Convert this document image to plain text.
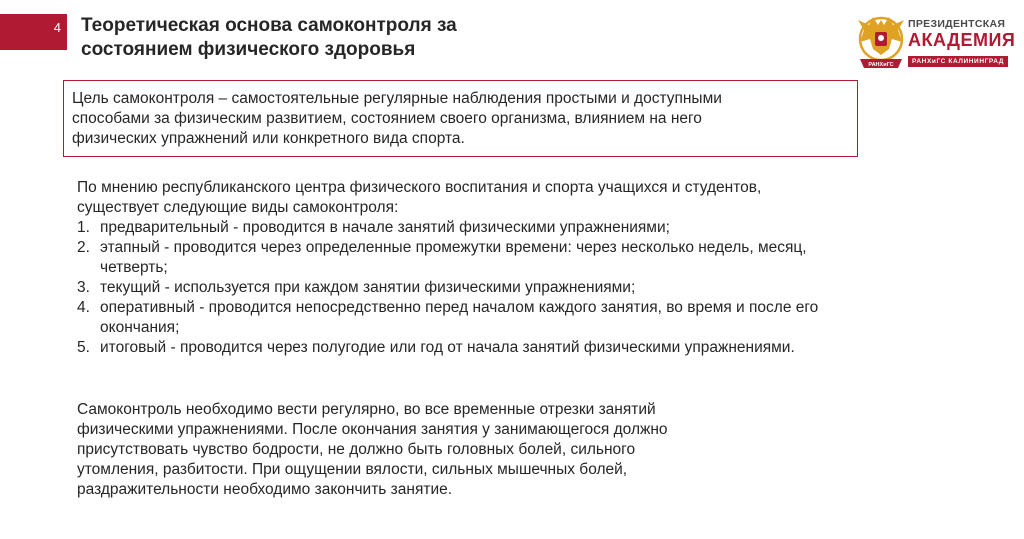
4 Теоретическая основа самоконтроля за
состоянием физического здоровья
РАНХиГС
ПРЕЗИДЕНТСКАЯ
АКАДЕМИЯ
РАНХиГС КАЛИНИНГРАД
Цель самоконтроля – самостоятельные регулярные наблюдения простыми и доступными
способами за физическим развитием, состоянием своего организма, влиянием на него
физических упражнений или конкретного вида спорта.
По мнению республиканского центра физического воспитания и спорта учащихся и студентов,
существует следующие виды самоконтроля:
1. предварительный - проводится в начале занятий физическими упражнениями;
2. этапный - проводится через определенные промежутки времени: через несколько недель, месяц,
четверть;
3. текущий - используется при каждом занятии физическими упражнениями;
4. оперативный - проводится непосредственно перед началом каждого занятия, во время и после его
окончания;
5. итоговый - проводится через полугодие или год от начала занятий физическими упражнениями.
Самоконтроль необходимо вести регулярно, во все временные отрезки занятий
физическими упражнениями. После окончания занятия у занимающегося должно
присутствовать чувство бодрости, не должно быть головных болей, сильного
утомления, разбитости. При ощущении вялости, сильных мышечных болей,
раздражительности необходимо закончить занятие.
